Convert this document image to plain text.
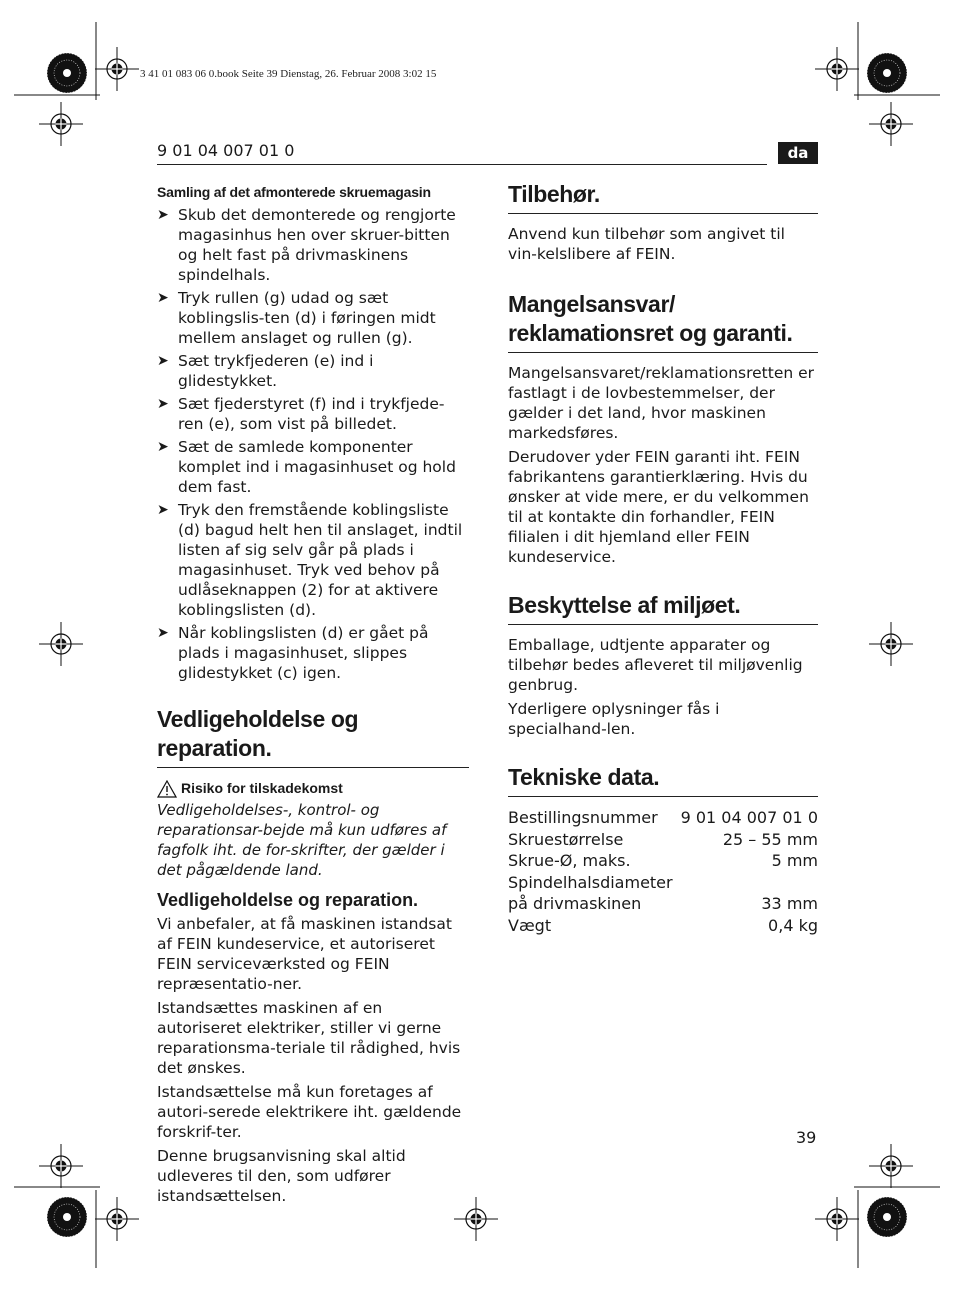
3 41 01 083 06 0.book Seite 39 Dienstag, 26. Februar 2008 3:02 15
9 01 04 007 01 0	da
Samling af det afmonterede skruemagasin
➤ Skub det demonterede og rengjorte magasinhus hen over skruer-bitten og helt fast på drivmaskinens spindelhals.
➤ Tryk rullen (g) udad og sæt koblingslis-ten (d) i føringen midt mellem anslaget og rullen (g).
➤ Sæt trykfjederen (e) ind i glidestykket.
➤ Sæt fjederstyret (f) ind i trykfjede-ren (e), som vist på billedet.
➤ Sæt de samlede komponenter komplet ind i magasinhuset og hold dem fast.
➤ Tryk den fremstående koblingsliste (d) bagud helt hen til anslaget, indtil listen af sig selv går på plads i magasinhuset. Tryk ved behov på udlåseknappen (2) for at aktivere koblingslisten (d).
➤ Når koblingslisten (d) er gået på plads i magasinhuset, slippes glidestykket (c) igen.
Vedligeholdelse og reparation.
Risiko for tilskadekomst

Vedligeholdelses-, kontrol- og reparationsar-bejde må kun udføres af fagfolk iht. de for-skrifter, der gælder i det pågældende land.

Vedligeholdelse og reparation.

Vi anbefaler, at få maskinen istandsat af FEIN kundeservice, et autoriseret FEIN serviceværksted og FEIN repræsentatio-ner.

Istandsættes maskinen af en autoriseret elektriker, stiller vi gerne reparationsma-teriale til rådighed, hvis det ønskes.

Istandsættelse må kun foretages af autori-serede elektrikere iht. gældende forskrif-ter.

Denne brugsanvisning skal altid udleveres til den, som udfører istandsættelsen.

Tilbehør.

Anvend kun tilbehør som angivet til vin-kelslibere af FEIN.

Mangelsansvar/
reklamationsret og garanti.

Mangelsansvaret/reklamationsretten er fastlagt i de lovbestemmelser, der gælder i det land, hvor maskinen markedsføres.

Derudover yder FEIN garanti iht. FEIN fabrikantens garantierklæring. Hvis du ønsker at vide mere, er du velkommen til at kontakte din forhandler, FEIN filialen i dit hjemland eller FEIN kundeservice.

Beskyttelse af miljøet.

Emballage, udtjente apparater og tilbehør bedes afleveret til miljøvenlig genbrug.

Yderligere oplysninger fås i specialhand-len.

Tekniske data.
Bestillingsnummer 9 01 04 007 01 0
Skruestørrelse	25 – 55 mm
Skrue-Ø, maks.	5 mm
Spindelhalsdiameter
på drivmaskinen	33 mm
Vægt	0,4 kg
39
